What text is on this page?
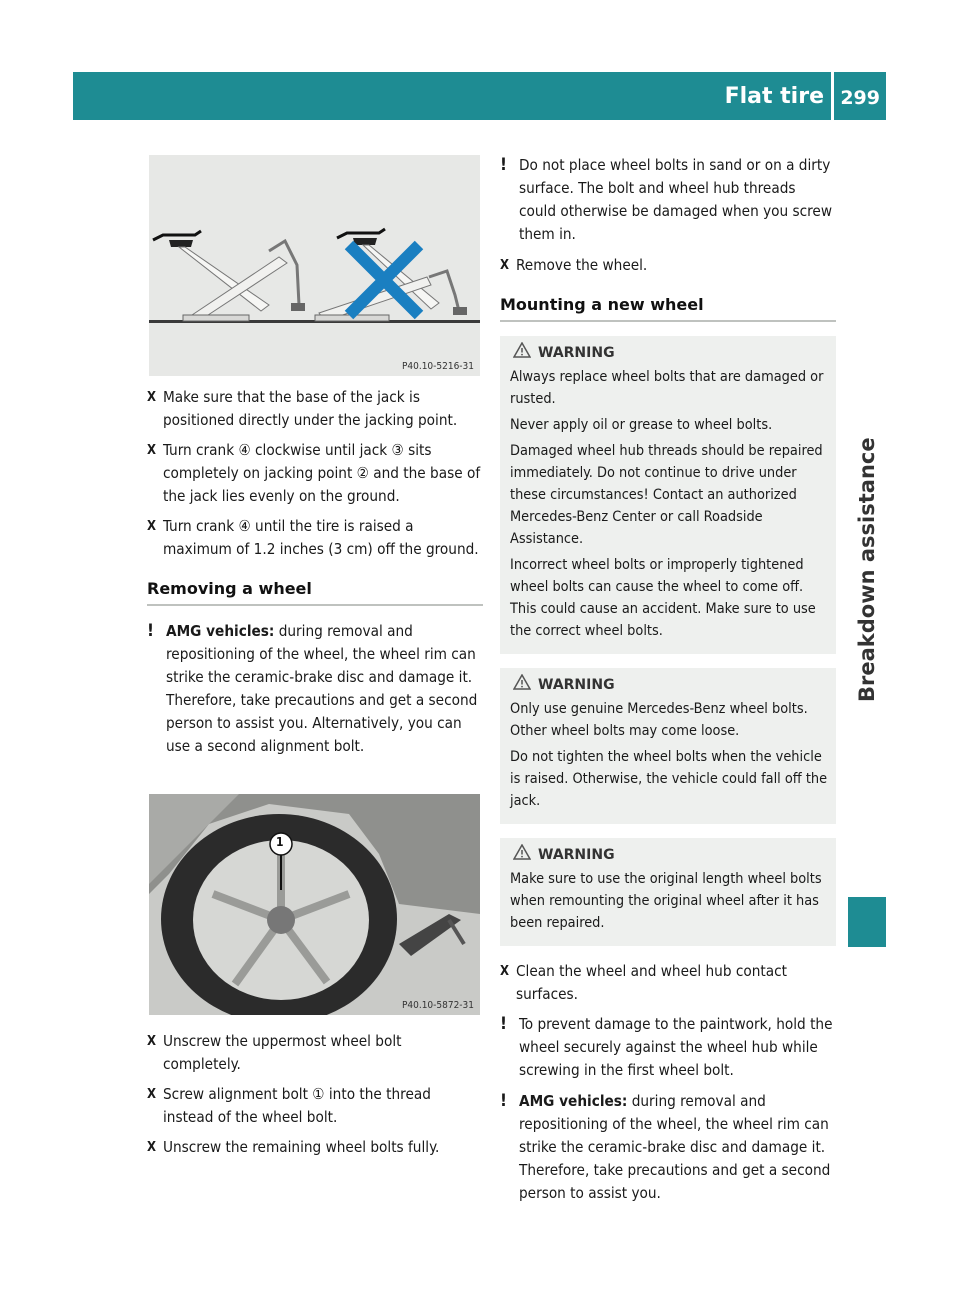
Flat tire 299
Breakdown assistance
P40.10-5216-31
1
P40.10-5872-31
X Make sure that the base of the jack is positioned directly under the jacking point.
X Turn crank ④ clockwise until jack ③ sits completely on jacking point ② and the base of the jack lies evenly on the ground.
X Turn crank ④ until the tire is raised a maximum of 1.2 inches (3 cm) off the ground.
Removing a wheel
! AMG vehicles: during removal and repositioning of the wheel, the wheel rim can strike the ceramic-brake disc and damage it. Therefore, take precautions and get a second person to assist you. Alternatively, you can use a second alignment bolt.
X Unscrew the uppermost wheel bolt completely.
X Screw alignment bolt ① into the thread instead of the wheel bolt.
X Unscrew the remaining wheel bolts fully.
! Do not place wheel bolts in sand or on a dirty surface. The bolt and wheel hub threads could otherwise be damaged when you screw them in.
X Remove the wheel.
Mounting a new wheel
WARNING

Always replace wheel bolts that are damaged or rusted.

Never apply oil or grease to wheel bolts.

Damaged wheel hub threads should be repaired immediately. Do not continue to drive under these circumstances! Contact an authorized Mercedes-Benz Center or call Roadside Assistance.

Incorrect wheel bolts or improperly tightened wheel bolts can cause the wheel to come off. This could cause an accident. Make sure to use the correct wheel bolts.

WARNING

Only use genuine Mercedes-Benz wheel bolts. Other wheel bolts may come loose.

Do not tighten the wheel bolts when the vehicle is raised. Otherwise, the vehicle could fall off the jack.

WARNING

Make sure to use the original length wheel bolts when remounting the original wheel after it has been repaired.

X Clean the wheel and wheel hub contact surfaces.
! To prevent damage to the paintwork, hold the wheel securely against the wheel hub while screwing in the first wheel bolt.
! AMG vehicles: during removal and repositioning of the wheel, the wheel rim can strike the ceramic-brake disc and damage it. Therefore, take precautions and get a second person to assist you.
